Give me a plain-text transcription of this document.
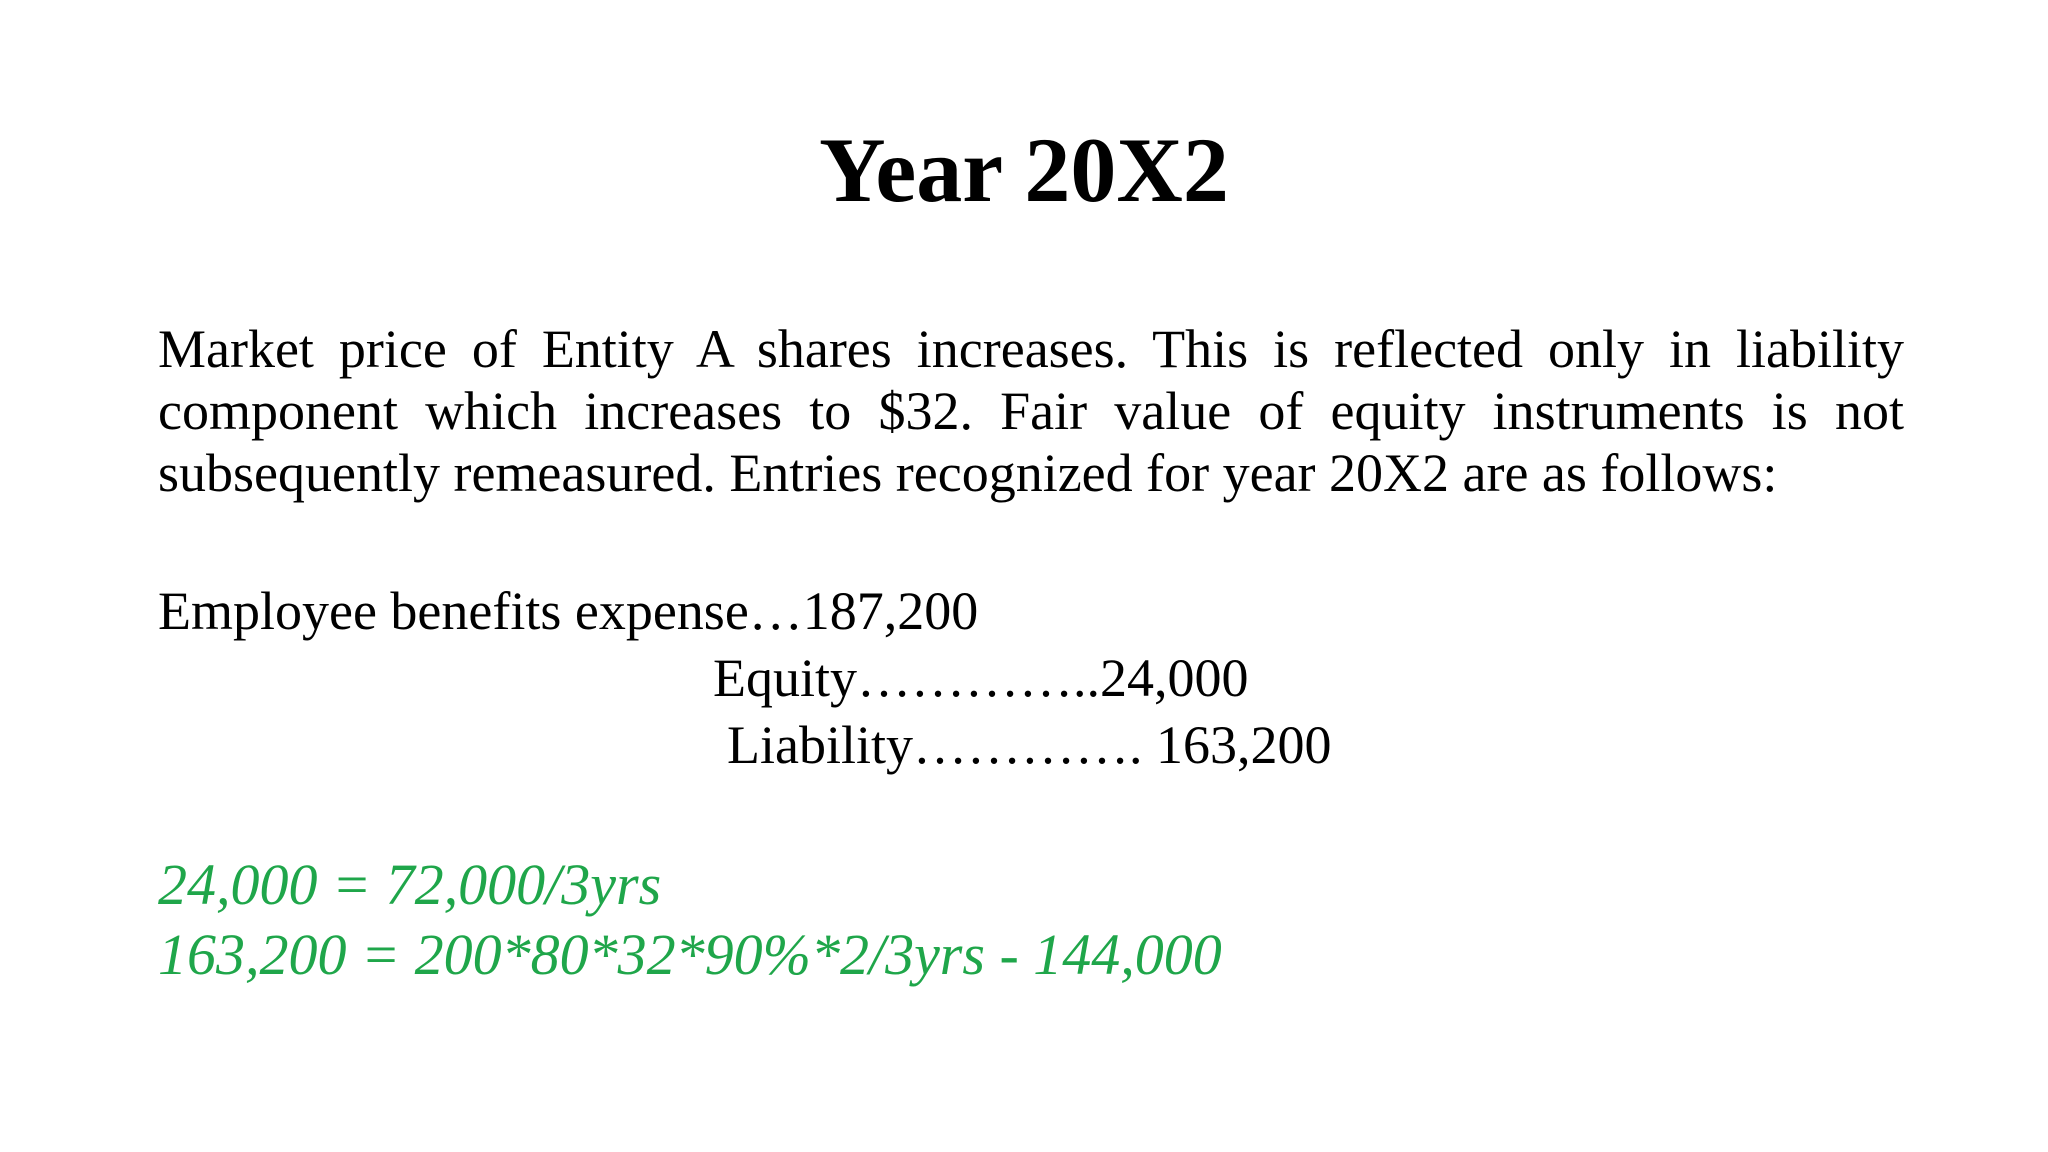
Year 20X2
Market price of Entity A shares increases. This is reflected only in liability
component which increases to $32. Fair value of equity instruments is not
subsequently remeasured. Entries recognized for year 20X2 are as follows:
Employee benefits expense…187,200
Equity…………..24,000
Liability…………. 163,200
24,000 = 72,000/3yrs
163,200 = 200*80*32*90%*2/3yrs - 144,000
